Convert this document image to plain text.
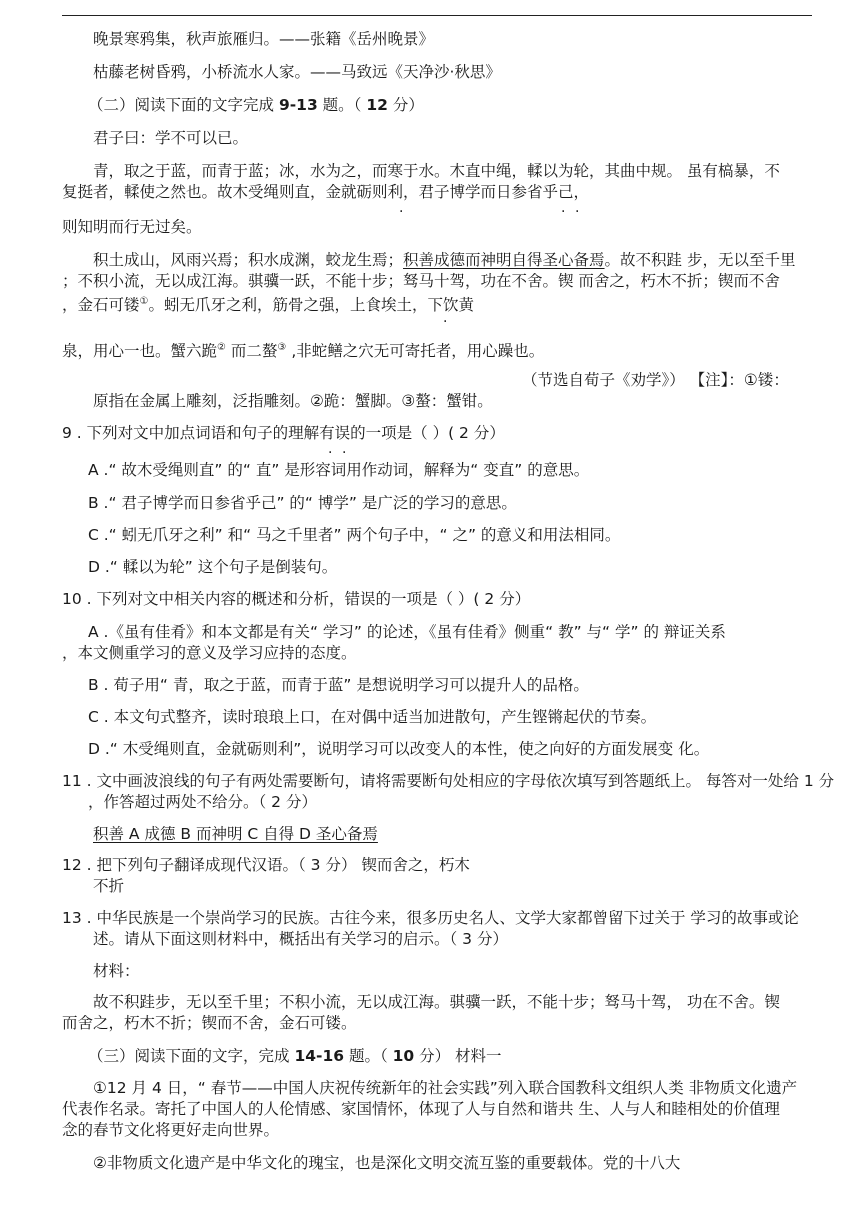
晚景寒鸦集，秋声旅雁归。——张籍《岳州晚景》
枯藤老树昏鸦，小桥流水人家。——马致远《天净沙·秋思》
（二）阅读下面的文字完成 9-13 题。（ 12 分）
君子曰：学不可以已。
青，取之于蓝，而青于蓝；冰，水为之，而寒于水。木直中绳，輮以为轮，其曲中规。 虽有槁暴，不
复挺者，輮使之然也。故木受绳则直，金就砺则利，君子博学而日参省乎己，
·	· ·
则知明而行无过矣。
积土成山，风雨兴焉；积水成渊，蛟龙生焉；积善成德而神明自得圣心备焉。故不积跬 步，无以至千里
；不积小流，无以成江海。骐骥一跃，不能十步；驽马十驾，功在不舍。锲 而舍之，朽木不折；锲而不舍
，金石可镂①。蚓无爪牙之利，筋骨之强，上食埃土，下饮黄
·
泉，用心一也。蟹六跪② 而二螯③ ,非蛇鳝之穴无可寄托者，用心躁也。
（节选自荀子《劝学》） 【注】：①镂：
原指在金属上雕刻，泛指雕刻。②跪：蟹脚。③螯：蟹钳。
9 . 下列对文中加点词语和句子的理解有误的一项是（ ）( 2 分）
· ·
A .“ 故木受绳则直” 的“ 直” 是形容词用作动词，解释为“ 变直” 的意思。
B .“ 君子博学而日参省乎己” 的“ 博学” 是广泛的学习的意思。
C .“ 蚓无爪牙之利” 和“ 马之千里者” 两个句子中，“ 之” 的意义和用法相同。
D .“ 輮以为轮” 这个句子是倒装句。
10 . 下列对文中相关内容的概述和分析，错误的一项是（ ）( 2 分）
A .《虽有佳肴》和本文都是有关“ 学习” 的论述，《虽有佳肴》侧重“ 教” 与“ 学” 的 辩证关系
，本文侧重学习的意义及学习应持的态度。
B . 荀子用“ 青，取之于蓝，而青于蓝” 是想说明学习可以提升人的品格。
C . 本文句式整齐，读时琅琅上口，在对偶中适当加进散句，产生铿锵起伏的节奏。
D .“ 木受绳则直，金就砺则利”，说明学习可以改变人的本性，使之向好的方面发展变 化。
11 . 文中画波浪线的句子有两处需要断句，请将需要断句处相应的字母依次填写到答题纸上。 每答对一处给 1 分
，作答超过两处不给分。（ 2 分）
积善 A 成德 B 而神明 C 自得 D 圣心备焉
12 . 把下列句子翻译成现代汉语。（ 3 分） 锲而舍之，朽木
不折
13 . 中华民族是一个崇尚学习的民族。古往今来，很多历史名人、文学大家都曾留下过关于 学习的故事或论
述。请从下面这则材料中，概括出有关学习的启示。（ 3 分）
材料：
故不积跬步，无以至千里；不积小流，无以成江海。骐骥一跃，不能十步；驽马十驾， 功在不舍。锲
而舍之，朽木不折；锲而不舍，金石可镂。
（三）阅读下面的文字，完成 14-16 题。（ 10 分） 材料一
①12 月 4 日，“ 春节——中国人庆祝传统新年的社会实践”列入联合国教科文组织人类 非物质文化遗产
代表作名录。寄托了中国人的人伦情感、家国情怀，体现了人与自然和谐共 生、人与人和睦相处的价值理
念的春节文化将更好走向世界。
②非物质文化遗产是中华文化的瑰宝，也是深化文明交流互鉴的重要载体。党的十八大
